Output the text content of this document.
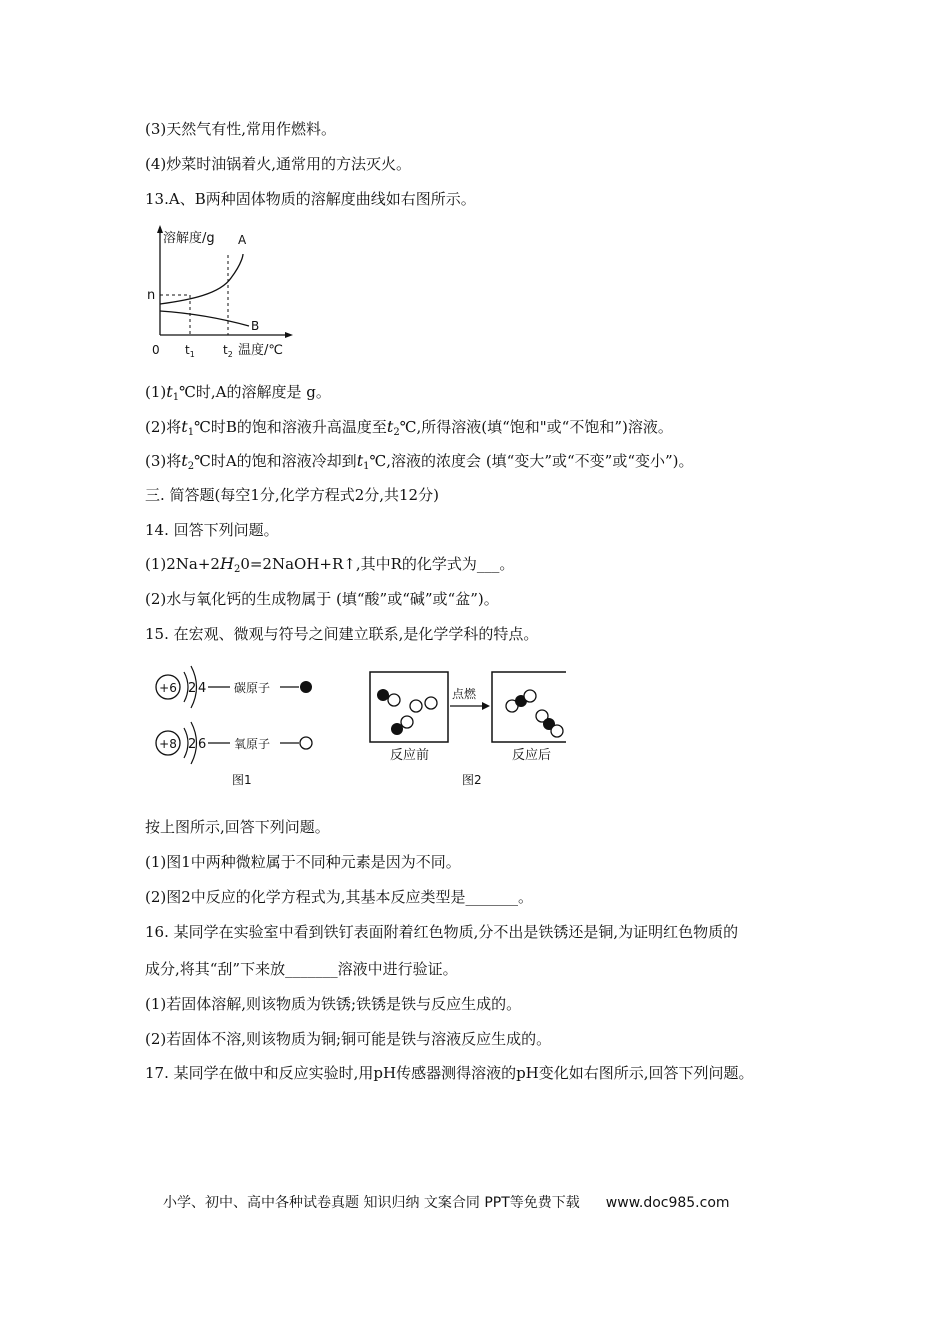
(3)天然气有性,常用作燃料。
(4)炒菜时油锅着火,通常用的方法灭火。
13.A、B两种固体物质的溶解度曲线如右图所示。
溶解度/g A
B
n
0 $t_1$ $t_2$ 温度/℃
$(1)t_1℃$时,A的溶解度是 g。
(2)将$t_1℃$时B的饱和溶液升高温度至$t_2℃$,所得溶液(填“饱和"或“不饱和”)溶液。
(3)将$t_2℃$时A的饱和溶液冷却到$t_1℃$,溶液的浓度会 (填“变大”或“不变”或“变小”)。
三. 简答题(每空1分,化学方程式2分,共12分)
14. 回答下列问题。
$(1)2Na+2H_20=2NaOH+R↑$,其中R的化学式为___。
(2)水与氧化钙的生成物属于 (填“酸”或“碱”或“盆”)。
15. 在宏观、微观与符号之间建立联系,是化学学科的特点。
+6 2 4 碳原子
+8 2 6 氧原子
图1
点燃
反应前	反应后
图2
按上图所示,回答下列问题。
(1)图1中两种微粒属于不同种元素是因为不同。
(2)图2中反应的化学方程式为,其基本反应类型是_______。
16. 某同学在实验室中看到铁钉表面附着红色物质,分不出是铁锈还是铜,为证明红色物质的
成分,将其“刮”下来放_______溶液中进行验证。
(1)若固体溶解,则该物质为铁锈;铁锈是铁与反应生成的。
(2)若固体不溶,则该物质为铜;铜可能是铁与溶液反应生成的。
17. 某同学在做中和反应实验时,用pH传感器测得溶液的pH变化如右图所示,回答下列问题。
小学、初中、高中各种试卷真题 知识归纳 文案合同 PPT等免费下载 www.doc985.com
